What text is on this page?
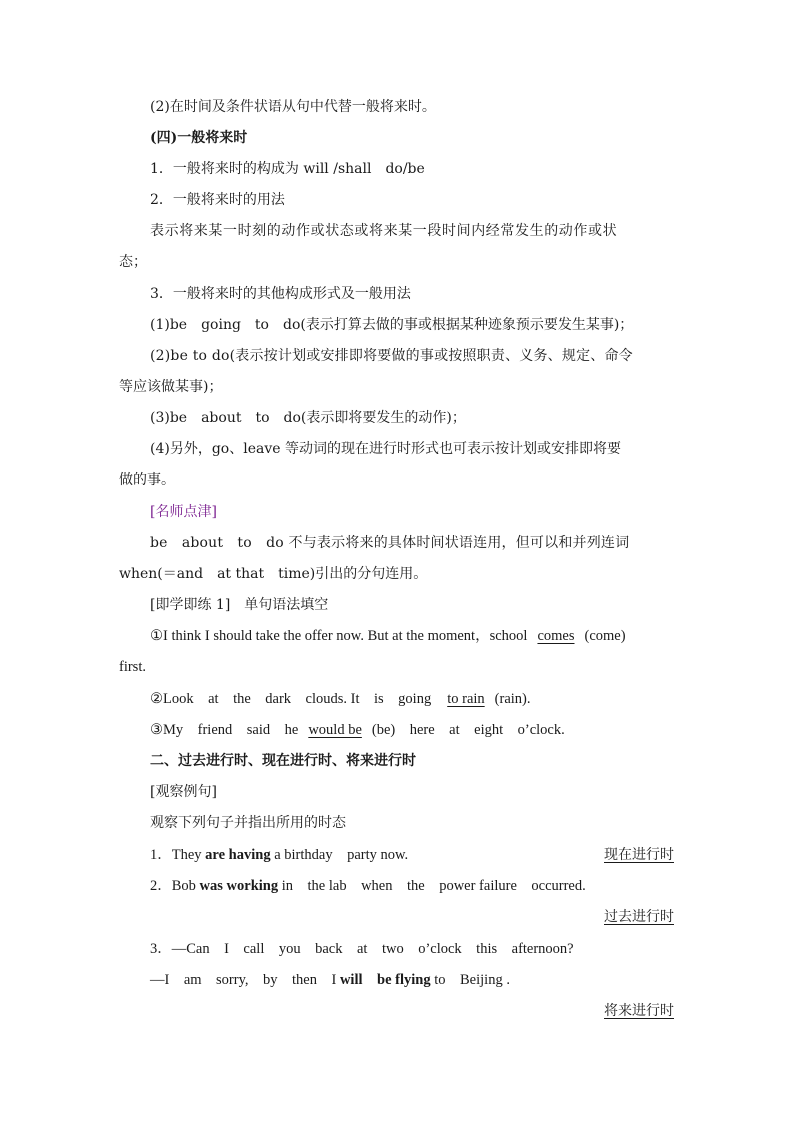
(2)在时间及条件状语从句中代替一般将来时。
(四)一般将来时
1．一般将来时的构成为 will /shall　do/be
2．一般将来时的用法
表示将来某一时刻的动作或状态或将来某一段时间内经常发生的动作或状
态；
3．一般将来时的其他构成形式及一般用法
(1)be　going　to　do(表示打算去做的事或根据某种迹象预示要发生某事)；
(2)be to do(表示按计划或安排即将要做的事或按照职责、义务、规定、命令
等应该做某事)；
(3)be　about　to　do(表示即将要发生的动作)；
(4)另外，go、leave 等动词的现在进行时形式也可表示按计划或安排即将要
做的事。
[名师点津]
be　about　to　do 不与表示将来的具体时间状语连用，但可以和并列连词
when(＝and　at that　time)引出的分句连用。
[即学即练 1]　单句语法填空
①I think I should take the offer now. But at the moment，school comes (come)
first.
②Look　at　the　dark　clouds. It　is　going to rain (rain).
③My　friend　said　he would be (be)　here　at　eight　o’clock.
二、过去进行时、现在进行时、将来进行时
[观察例句]
观察下列句子并指出所用的时态
1．They are having a birthday　party now.	现在进行时
2．Bob was working in　the lab　when　the　power failure　occurred.
过去进行时
3．—Can　I　call　you　back　at　two　o’clock　this　afternoon?
—I　am　sorry,　by　then　I will　be flying to　Beijing .
将来进行时
